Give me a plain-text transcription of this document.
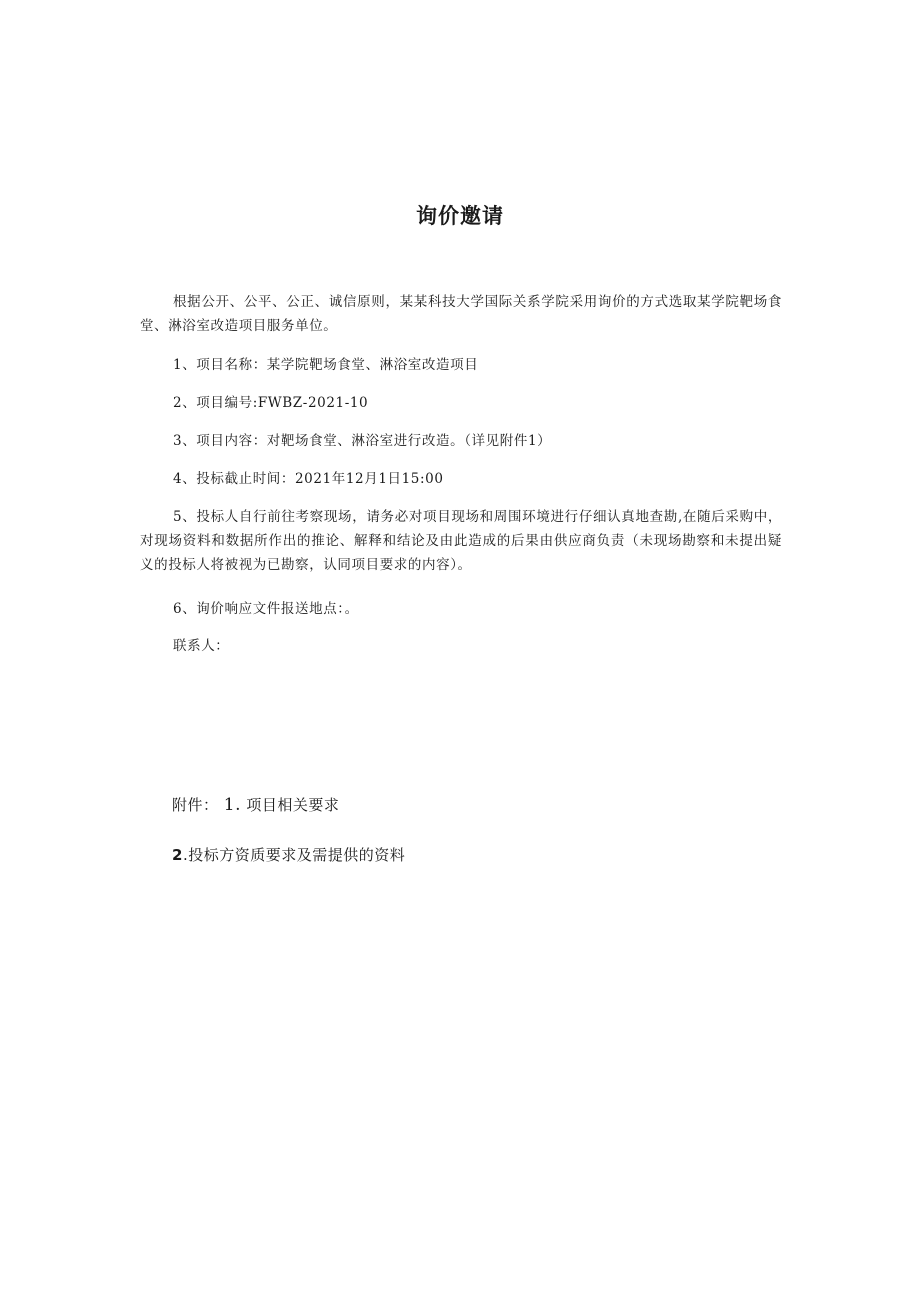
询价邀请
根据公开、公平、公正、诚信原则，某某科技大学国际关系学院采用询价的方式选取某学院靶场食堂、淋浴室改造项目服务单位。
1、项目名称：某学院靶场食堂、淋浴室改造项目
2、项目编号:FWBZ-2021-10
3、项目内容：对靶场食堂、淋浴室进行改造。（详见附件1）
4、投标截止时间：2021年12月1日15:00
5、投标人自行前往考察现场，请务必对项目现场和周围环境进行仔细认真地查勘,在随后采购中，对现场资料和数据所作出的推论、解释和结论及由此造成的后果由供应商负责（未现场勘察和未提出疑义的投标人将被视为已勘察，认同项目要求的内容）。
6、询价响应文件报送地点：。
联系人：
附件： 1. 项目相关要求
2.投标方资质要求及需提供的资料
